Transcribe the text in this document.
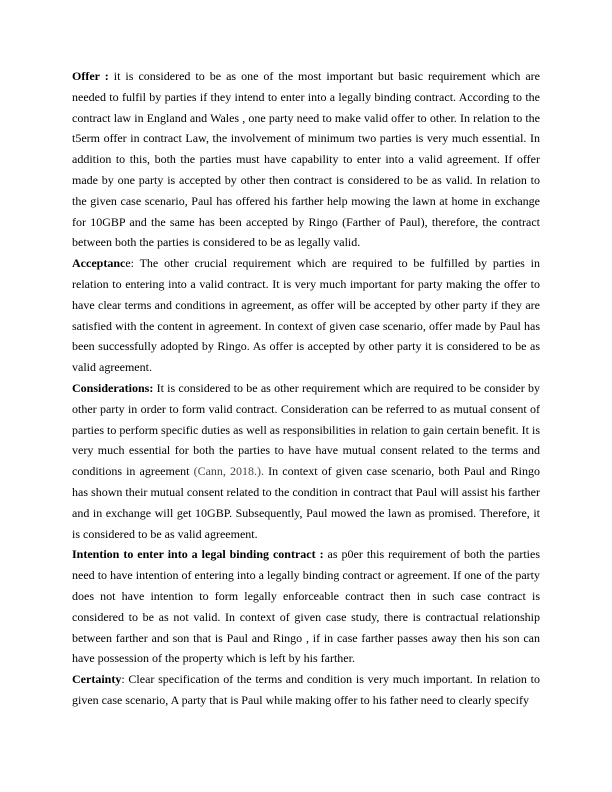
Offer : it is considered to be as one of the most important but basic requirement which are needed to fulfil by parties if they intend to enter into a legally binding contract. According to the contract law in England and Wales , one party need to make valid offer to other. In relation to the t5erm offer in contract Law, the involvement of minimum two parties is very much essential. In addition to this, both the parties must have capability to enter into a valid agreement. If offer made by one party is accepted by other then contract is considered to be as valid. In relation to the given case scenario, Paul has offered his farther help mowing the lawn at home in exchange for 10GBP and the same has been accepted by Ringo (Farther of Paul), therefore, the contract between both the parties is considered to be as legally valid.

Acceptance: The other crucial requirement which are required to be fulfilled by parties in relation to entering into a valid contract. It is very much important for party making the offer to have clear terms and conditions in agreement, as offer will be accepted by other party if they are satisfied with the content in agreement. In context of given case scenario, offer made by Paul has been successfully adopted by Ringo. As offer is accepted by other party it is considered to be as valid agreement.

Considerations: It is considered to be as other requirement which are required to be consider by other party in order to form valid contract. Consideration can be referred to as mutual consent of parties to perform specific duties as well as responsibilities in relation to gain certain benefit. It is very much essential for both the parties to have have mutual consent related to the terms and conditions in agreement (Cann, 2018.). In context of given case scenario, both Paul and Ringo has shown their mutual consent related to the condition in contract that Paul will assist his farther and in exchange will get 10GBP. Subsequently, Paul mowed the lawn as promised. Therefore, it is considered to be as valid agreement.

Intention to enter into a legal binding contract : as p0er this requirement of both the parties need to have intention of entering into a legally binding contract or agreement. If one of the party does not have intention to form legally enforceable contract then in such case contract is considered to be as not valid. In context of given case study, there is contractual relationship between farther and son that is Paul and Ringo , if in case farther passes away then his son can have possession of the property which is left by his farther.

Certainty: Clear specification of the terms and condition is very much important. In relation to given case scenario, A party that is Paul while making offer to his father need to clearly specify
